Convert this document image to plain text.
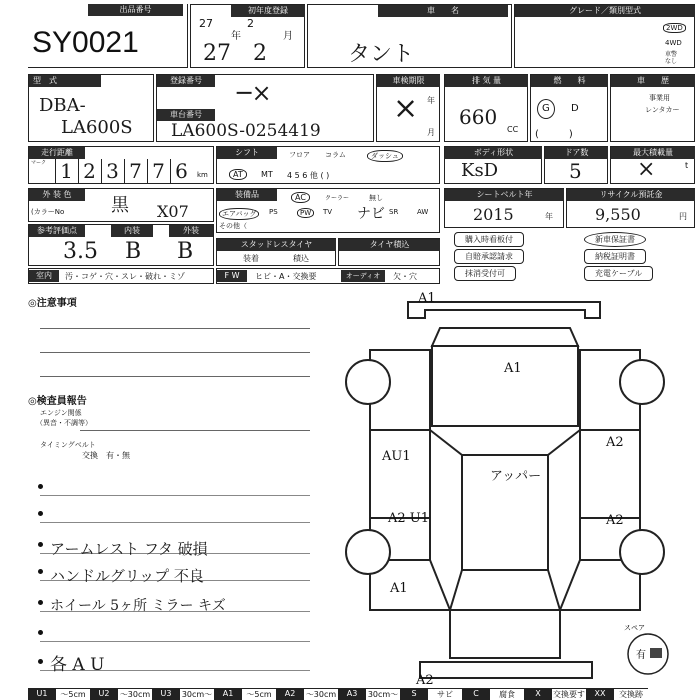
出品番号
SY0021
初年度登録
27
年
2
月
27 2
車　　名
タント
グレード／類別型式
2WD
4WD
車警
なし
型　式
DBA-
LA600S
登録番号	─×
車台番号
LA600S-0254419
車検期限
× 年
月
排 気 量
660
CC
燃　　料
G D
(　　　)
車　　歴
事業用
レンタカー
走行距離
マーク 1 2 3 7 7 6	km
シフト	フロア コラム	ダッシュ
AT	MT 4 5 6 他 ( )
ボディ形状
KsD
ドア数
5
最大積載量
×	t
外 装 色
(カラーNo	黒 X07
装備品	AC	クーラー	無し
エアバッグ	PS	PW	TV	SR	AW
その他（
ナビ
シートベルト年
2015	年
リサイクル預託金
9,550	円
参考評価点	内装	外装
3.5 B B	スタッドレスタイヤ
装着	積込
タイヤ積込
購入時看板付	新車保証書
自賠承認請求	納税証明書
抹消受付可	充電ケーブル
室内	汚・コゲ・穴・スレ・破れ・ミゾ	F W	ヒビ・A・交換要	オーディオ	欠・穴
◎注意事項
◎検査員報告
エンジン関係
（異音・不調等）
タイミングベルト
交換　有・無
アームレスト フタ 破損
ハンドルグリップ 不良
ホイール 5ヶ所 ミラー キズ
各 A U
A1
A1
AU1
A2
アッパー
A2 U1	A2
A1
A2
スペア
有
U1	～5cm	U2	～30cm	U3	30cm～	A1	～5cm	A2	～30cm	A3	30cm～	S	サビ	C	腐食	X	交換要す	XX	交換跡
